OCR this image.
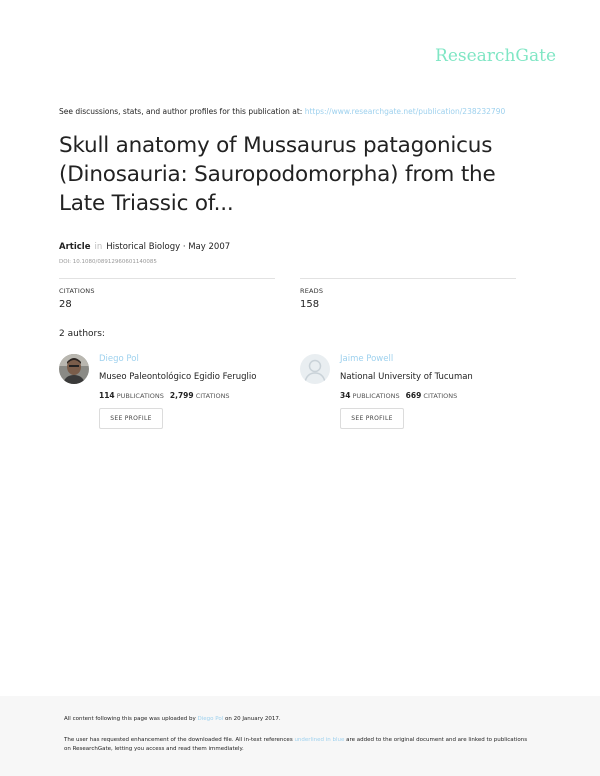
ResearchGate
See discussions, stats, and author profiles for this publication at: https://www.researchgate.net/publication/238232790
Skull anatomy of Mussaurus patagonicus (Dinosauria: Sauropodomorpha) from the Late Triassic of...
Article in Historical Biology · May 2007
DOI: 10.1080/08912960601140085
CITATIONS
28
READS
158
2 authors:
Diego Pol
Museo Paleontológico Egidio Feruglio
114 PUBLICATIONS 2,799 CITATIONS
SEE PROFILE
Jaime Powell
National University of Tucuman
34 PUBLICATIONS 669 CITATIONS
SEE PROFILE
All content following this page was uploaded by Diego Pol on 20 January 2017.
The user has requested enhancement of the downloaded file. All in-text references underlined in blue are added to the original document and are linked to publications on ResearchGate, letting you access and read them immediately.
